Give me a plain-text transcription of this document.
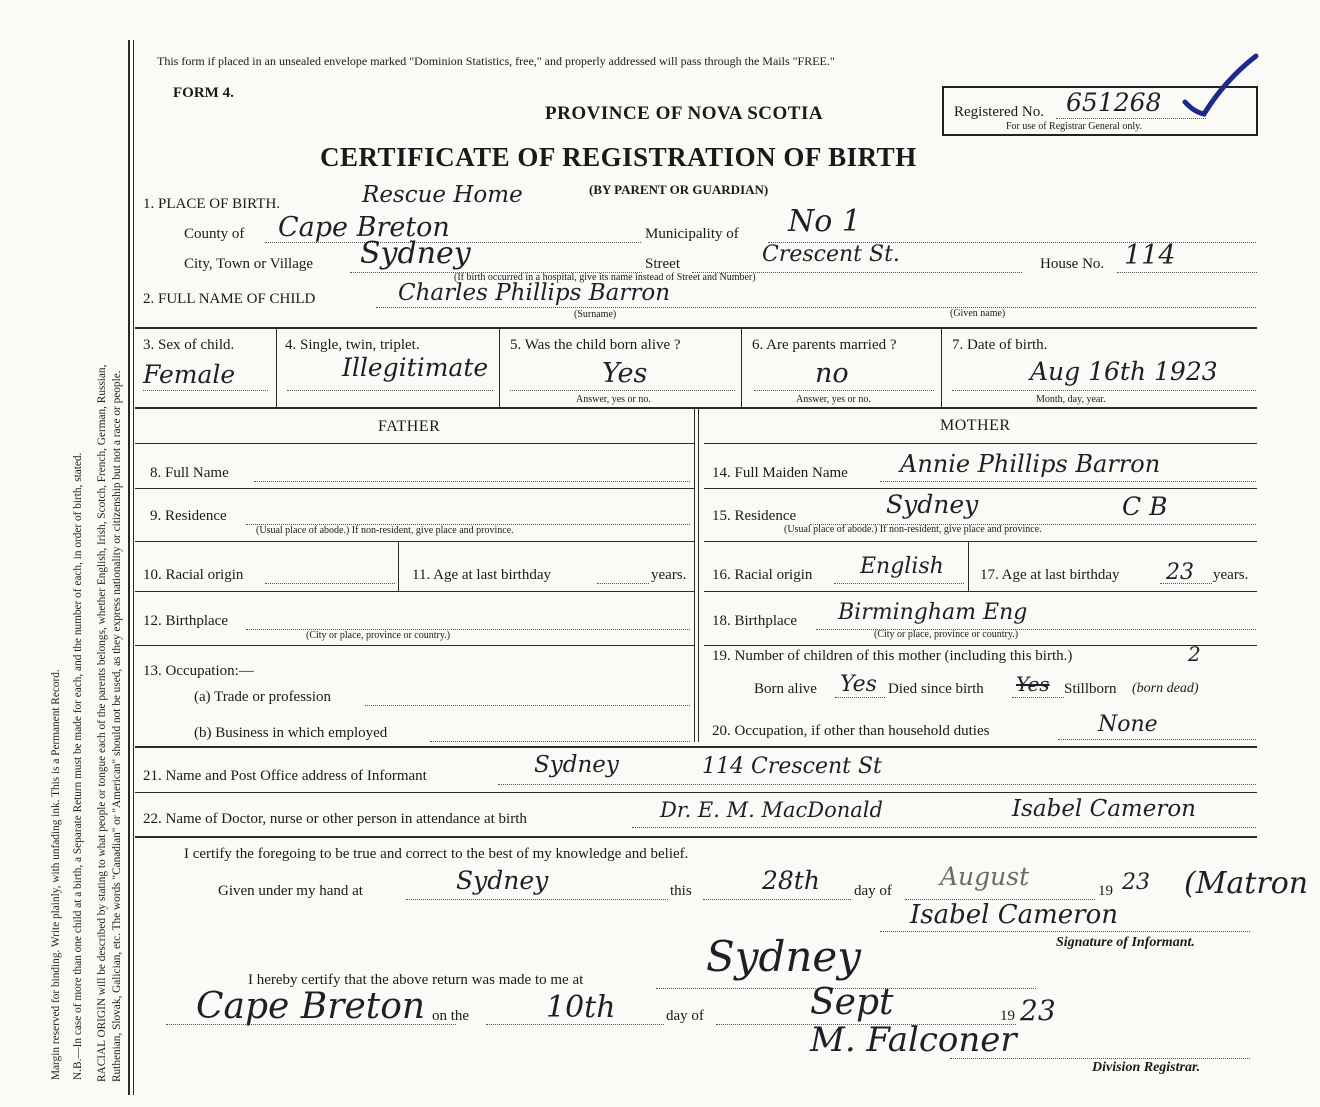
Margin reserved for binding. Write plainly, with unfading ink. This is a Permanent Record. N.B.—In case of more than one child at a birth, a Separate Return must be made for each, and the number of each, in order of birth, stated. RACIAL ORIGIN will be described by stating to what people or tongue each of the parents belongs, whether English, Irish, Scotch, French, German, Russian, Ruthenian, Slovak, Galician, etc. The words "Canadian" or "American" should not be used, as they express nationality or citizenship but not a race or people.
This form if placed in an unsealed envelope marked "Dominion Statistics, free," and properly addressed will pass through the Mails "FREE."
FORM 4.
PROVINCE OF NOVA SCOTIA
CERTIFICATE OF REGISTRATION OF BIRTH
(BY PARENT OR GUARDIAN)
Registered No. 651268
For use of Registrar General only.
1. PLACE OF BIRTH.	Rescue Home
County of Cape Breton	Municipality of No 1
City, Town or Village Sydney	Street	Crescent St.	House No. 114
(If birth occurred in a hospital, give its name instead of Street and Number)
2. FULL NAME OF CHILD	Charles Phillips Barron
(Surname)	(Given name)
3. Sex of child.
Female
4. Single, twin, triplet.
Illegitimate
5. Was the child born alive ?
Yes
Answer, yes or no.
6. Are parents married ?
no
Answer, yes or no.
7. Date of birth.
Aug 16th 1923
Month, day, year.
FATHER	MOTHER
8. Full Name
9. Residence
(Usual place of abode.) If non-resident, give place and province.
10. Racial origin	11. Age at last birthday	years.
12. Birthplace
(City or place, province or country.)
13. Occupation:—
(a) Trade or profession
(b) Business in which employed
14. Full Maiden Name Annie Phillips Barron
15. Residence	Sydney	C B
(Usual place of abode.) If non-resident, give place and province.
16. Racial origin English 17. Age at last birthday 23 years.
18. Birthplace Birmingham Eng
(City or place, province or country.)
19. Number of children of this mother (including this birth.)	2
Born alive Yes Died since birth Yes Stillborn (born dead)
20. Occupation, if other than household duties	None
21. Name and Post Office address of Informant	Sydney	114 Crescent St
22. Name of Doctor, nurse or other person in attendance at birth	Dr. E. M. MacDonald	Isabel Cameron
I certify the foregoing to be true and correct to the best of my knowledge and belief.
Given under my hand at	Sydney	this	28th day of August	19 23 (Matron
Isabel Cameron
Signature of Informant.
I hereby certify that the above return was made to me at	Sydney
Cape Breton on the	10th	day of	Sept	19 23
M. Falconer
Division Registrar.
